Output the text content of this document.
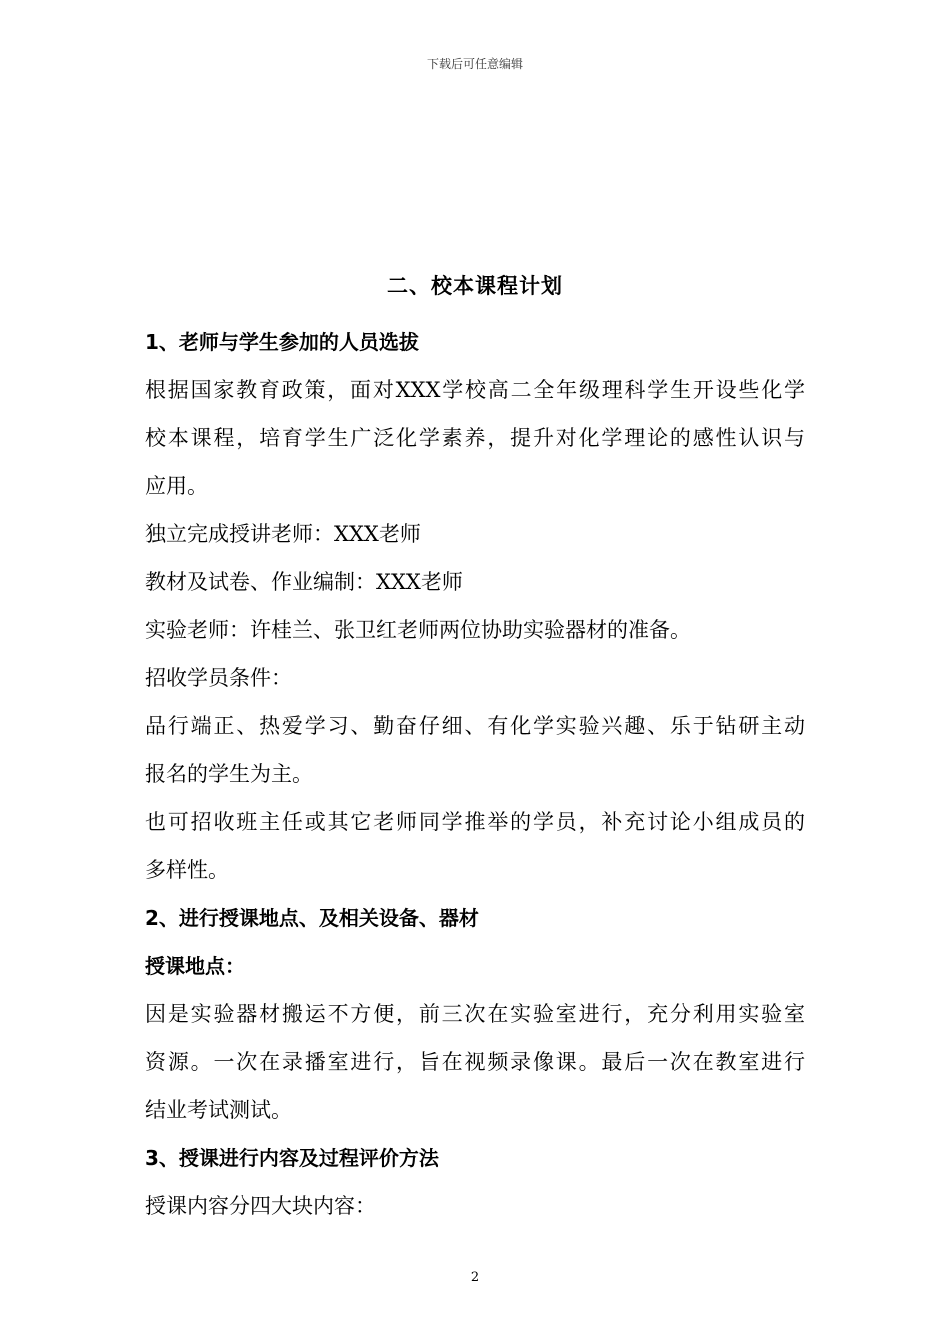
下载后可任意编辑
二、校本课程计划
1、老师与学生参加的人员选拔
根据国家教育政策，面对XXX学校高二全年级理科学生开设些化学
校本课程，培育学生广泛化学素养，提升对化学理论的感性认识与
应用。
独立完成授讲老师：XXX老师
教材及试卷、作业编制：XXX老师
实验老师：许桂兰、张卫红老师两位协助实验器材的准备。
招收学员条件：
品行端正、热爱学习、勤奋仔细、有化学实验兴趣、乐于钻研主动
报名的学生为主。
也可招收班主任或其它老师同学推举的学员，补充讨论小组成员的
多样性。
2、进行授课地点、及相关设备、器材
授课地点：
因是实验器材搬运不方便，前三次在实验室进行，充分利用实验室
资源。一次在录播室进行，旨在视频录像课。最后一次在教室进行
结业考试测试。
3、授课进行内容及过程评价方法
授课内容分四大块内容：
2
